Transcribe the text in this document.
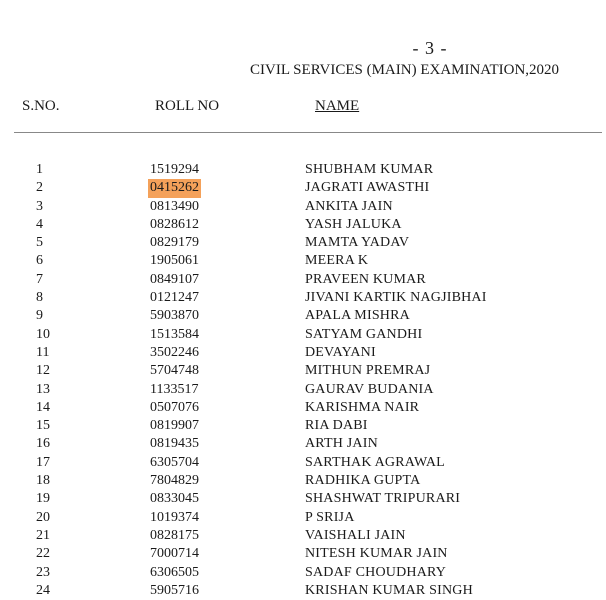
- 3 -
CIVIL SERVICES (MAIN) EXAMINATION,2020
S.NO.	ROLL NO	NAME
1	1519294	SHUBHAM KUMAR
2	0415262	JAGRATI AWASTHI
3	0813490	ANKITA JAIN
4	0828612	YASH JALUKA
5	0829179	MAMTA YADAV
6	1905061	MEERA K
7	0849107	PRAVEEN KUMAR
8	0121247	JIVANI KARTIK NAGJIBHAI
9	5903870	APALA MISHRA
10	1513584	SATYAM GANDHI
11	3502246	DEVAYANI
12	5704748	MITHUN PREMRAJ
13	1133517	GAURAV BUDANIA
14	0507076	KARISHMA NAIR
15	0819907	RIA DABI
16	0819435	ARTH JAIN
17	6305704	SARTHAK AGRAWAL
18	7804829	RADHIKA GUPTA
19	0833045	SHASHWAT TRIPURARI
20	1019374	P SRIJA
21	0828175	VAISHALI JAIN
22	7000714	NITESH KUMAR JAIN
23	6306505	SADAF CHOUDHARY
24	5905716	KRISHAN KUMAR SINGH
